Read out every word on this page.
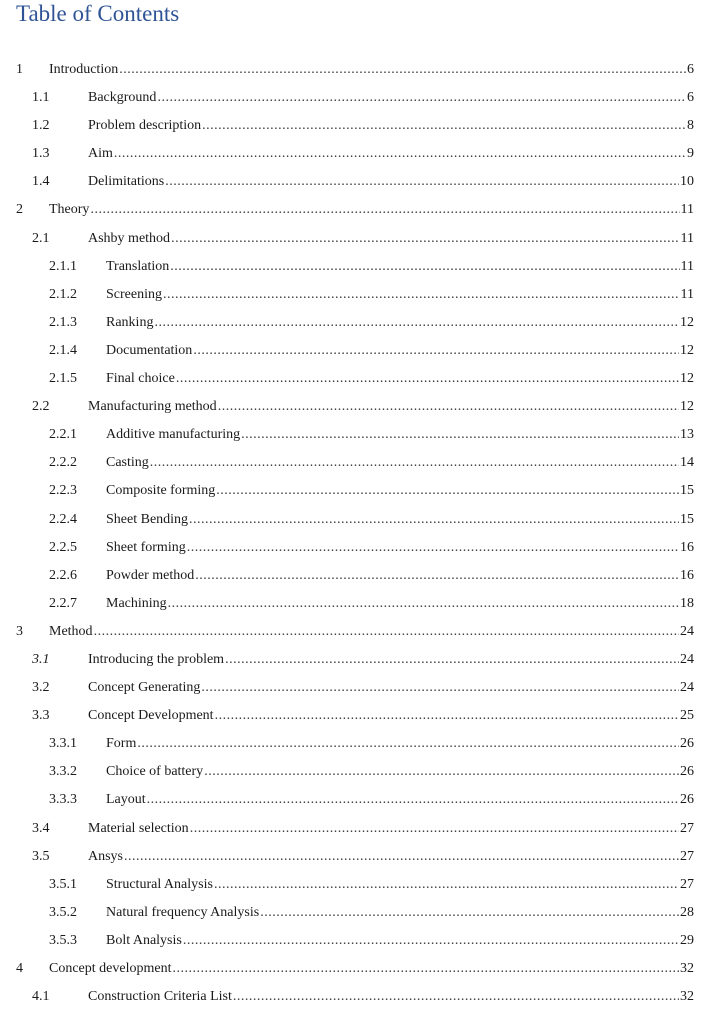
Table of Contents
1 Introduction .....	6
1.1	Background .....	6
1.2	Problem description .....	8
1.3	Aim .....	9
1.4	Delimitations .....	10
2 Theory .....	11
2.1	Ashby method .....	11
2.1.1 Translation .....	11
2.1.2 Screening .....	11
2.1.3 Ranking .....	12
2.1.4 Documentation .....	12
2.1.5 Final choice .....	12
2.2	Manufacturing method .....	12
2.2.1 Additive manufacturing .....	13
2.2.2 Casting .....	14
2.2.3 Composite forming .....	15
2.2.4 Sheet Bending .....	15
2.2.5 Sheet forming .....	16
2.2.6 Powder method .....	16
2.2.7 Machining .....	18
3 Method .....	24
3.1	Introducing the problem .....	24
3.2	Concept Generating .....	24
3.3	Concept Development .....	25
3.3.1 Form .....	26
3.3.2 Choice of battery .....	26
3.3.3 Layout .....	26
3.4	Material selection .....	27
3.5	Ansys .....	27
3.5.1 Structural Analysis .....	27
3.5.2 Natural frequency Analysis .....	28
3.5.3 Bolt Analysis .....	29
4 Concept development .....	32
4.1	Construction Criteria List .....	32
